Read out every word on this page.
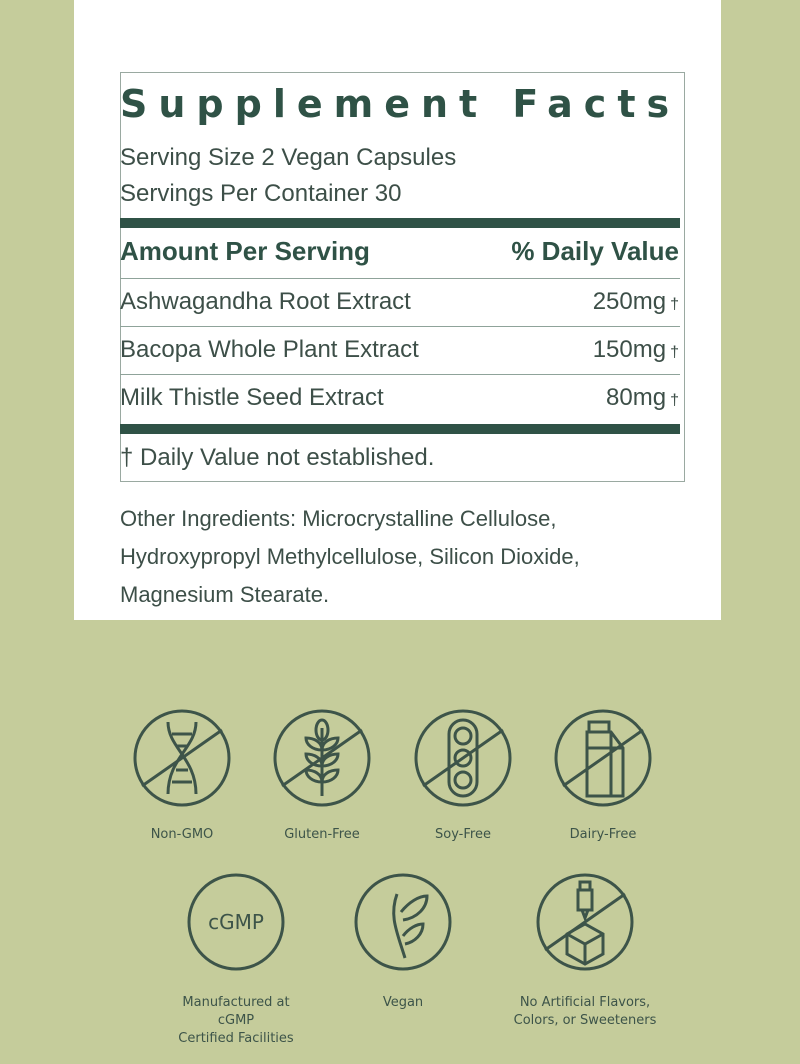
Supplement Facts
Serving Size 2 Vegan Capsules
Servings Per Container 30
Amount Per Serving	% Daily Value
Ashwagandha Root Extract	250mg †
Bacopa Whole Plant Extract	150mg †
Milk Thistle Seed Extract	80mg †
† Daily Value not established.
Other Ingredients: Microcrystalline Cellulose, Hydroxypropyl Methylcellulose, Silicon Dioxide, Magnesium Stearate.
Non-GMO	Gluten-Free	Soy-Free	Dairy-Free
cGMP
Manufactured at cGMP
Certified Facilities
Vegan	No Artificial Flavors,
Colors, or Sweeteners
